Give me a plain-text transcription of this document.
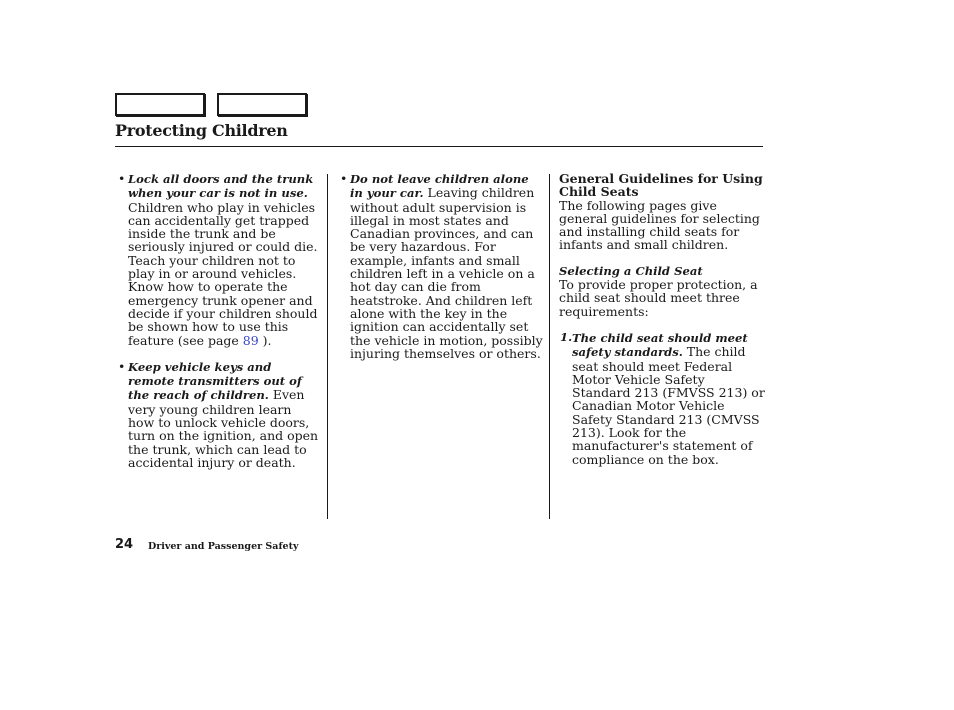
Protecting Children
• Lock all doors and the trunk when your car is not in use. Children who play in vehicles can accidentally get trapped inside the trunk and be seriously injured or could die. Teach your children not to play in or around vehicles. Know how to operate the emergency trunk opener and decide if your children should be shown how to use this feature (see page 89 ).
• Keep vehicle keys and remote transmitters out of the reach of children. Even very young children learn how to unlock vehicle doors, turn on the ignition, and open the trunk, which can lead to accidental injury or death.
• Do not leave children alone in your car. Leaving children without adult supervision is illegal in most states and Canadian provinces, and can be very hazardous. For example, infants and small children left in a vehicle on a hot day can die from heatstroke. And children left alone with the key in the ignition can accidentally set the vehicle in motion, possibly injuring themselves or others.
General Guidelines for Using Child Seats

The following pages give general guidelines for selecting and installing child seats for infants and small children.

Selecting a Child Seat

To provide proper protection, a child seat should meet three requirements:

1. The child seat should meet safety standards. The child seat should meet Federal Motor Vehicle Safety Standard 213 (FMVSS 213) or Canadian Motor Vehicle Safety Standard 213 (CMVSS 213). Look for the manufacturer's statement of compliance on the box.
24 Driver and Passenger Safety
